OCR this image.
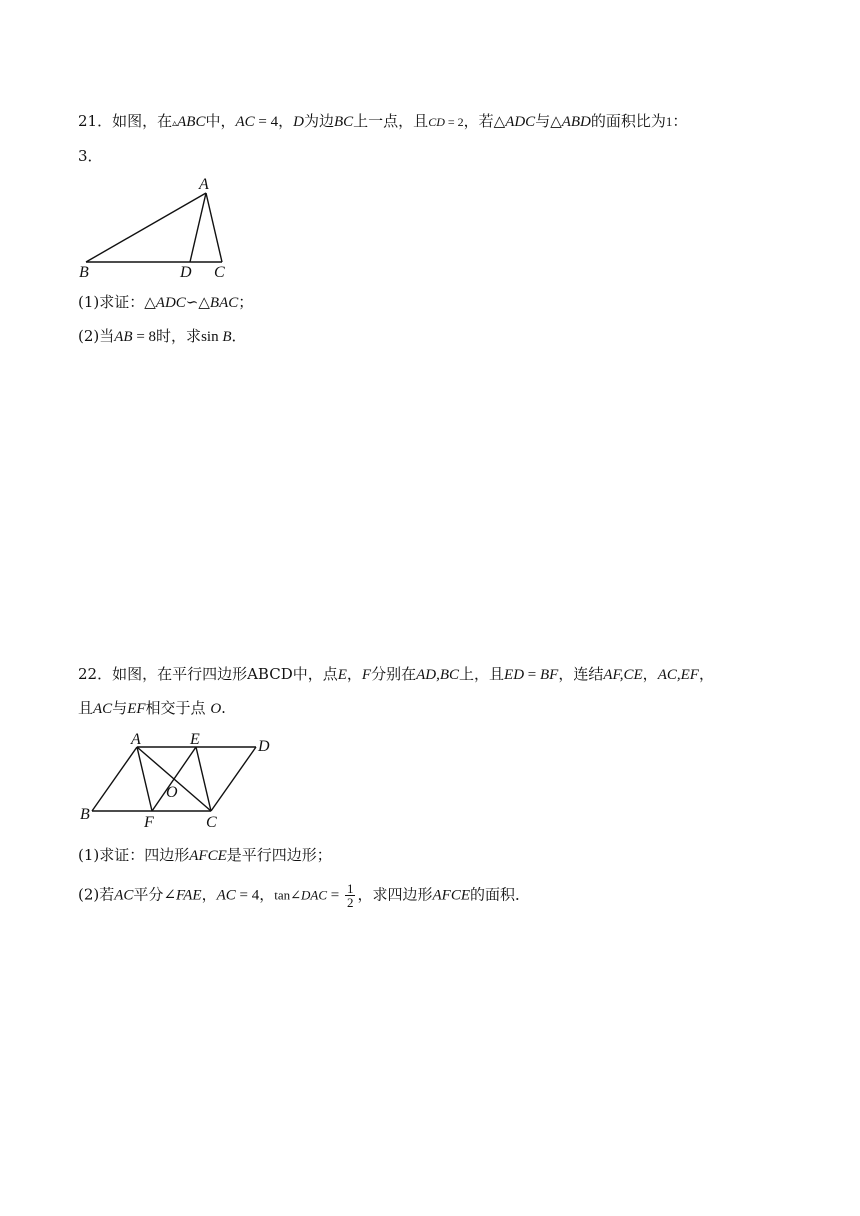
21．如图，在▵ABC中，AC = 4，D为边BC上一点，且CD = 2，若△ADC与△ABD的面积比为1：
3．
A
B	D C
(1)求证：△ADC∽△BAC；
(2)当AB = 8时，求sin B．
22．如图，在平行四边形ABCD中，点E，F分别在AD,BC上，且ED = BF，连结AF,CE，AC,EF，
且AC与EF相交于点 O.
A	E	D
O
B	F	C
(1)求证：四边形AFCE是平行四边形；
(2)若AC平分∠FAE，AC = 4，tan∠DAC = $\frac{1}{2}$ ，求四边形AFCE的面积．
